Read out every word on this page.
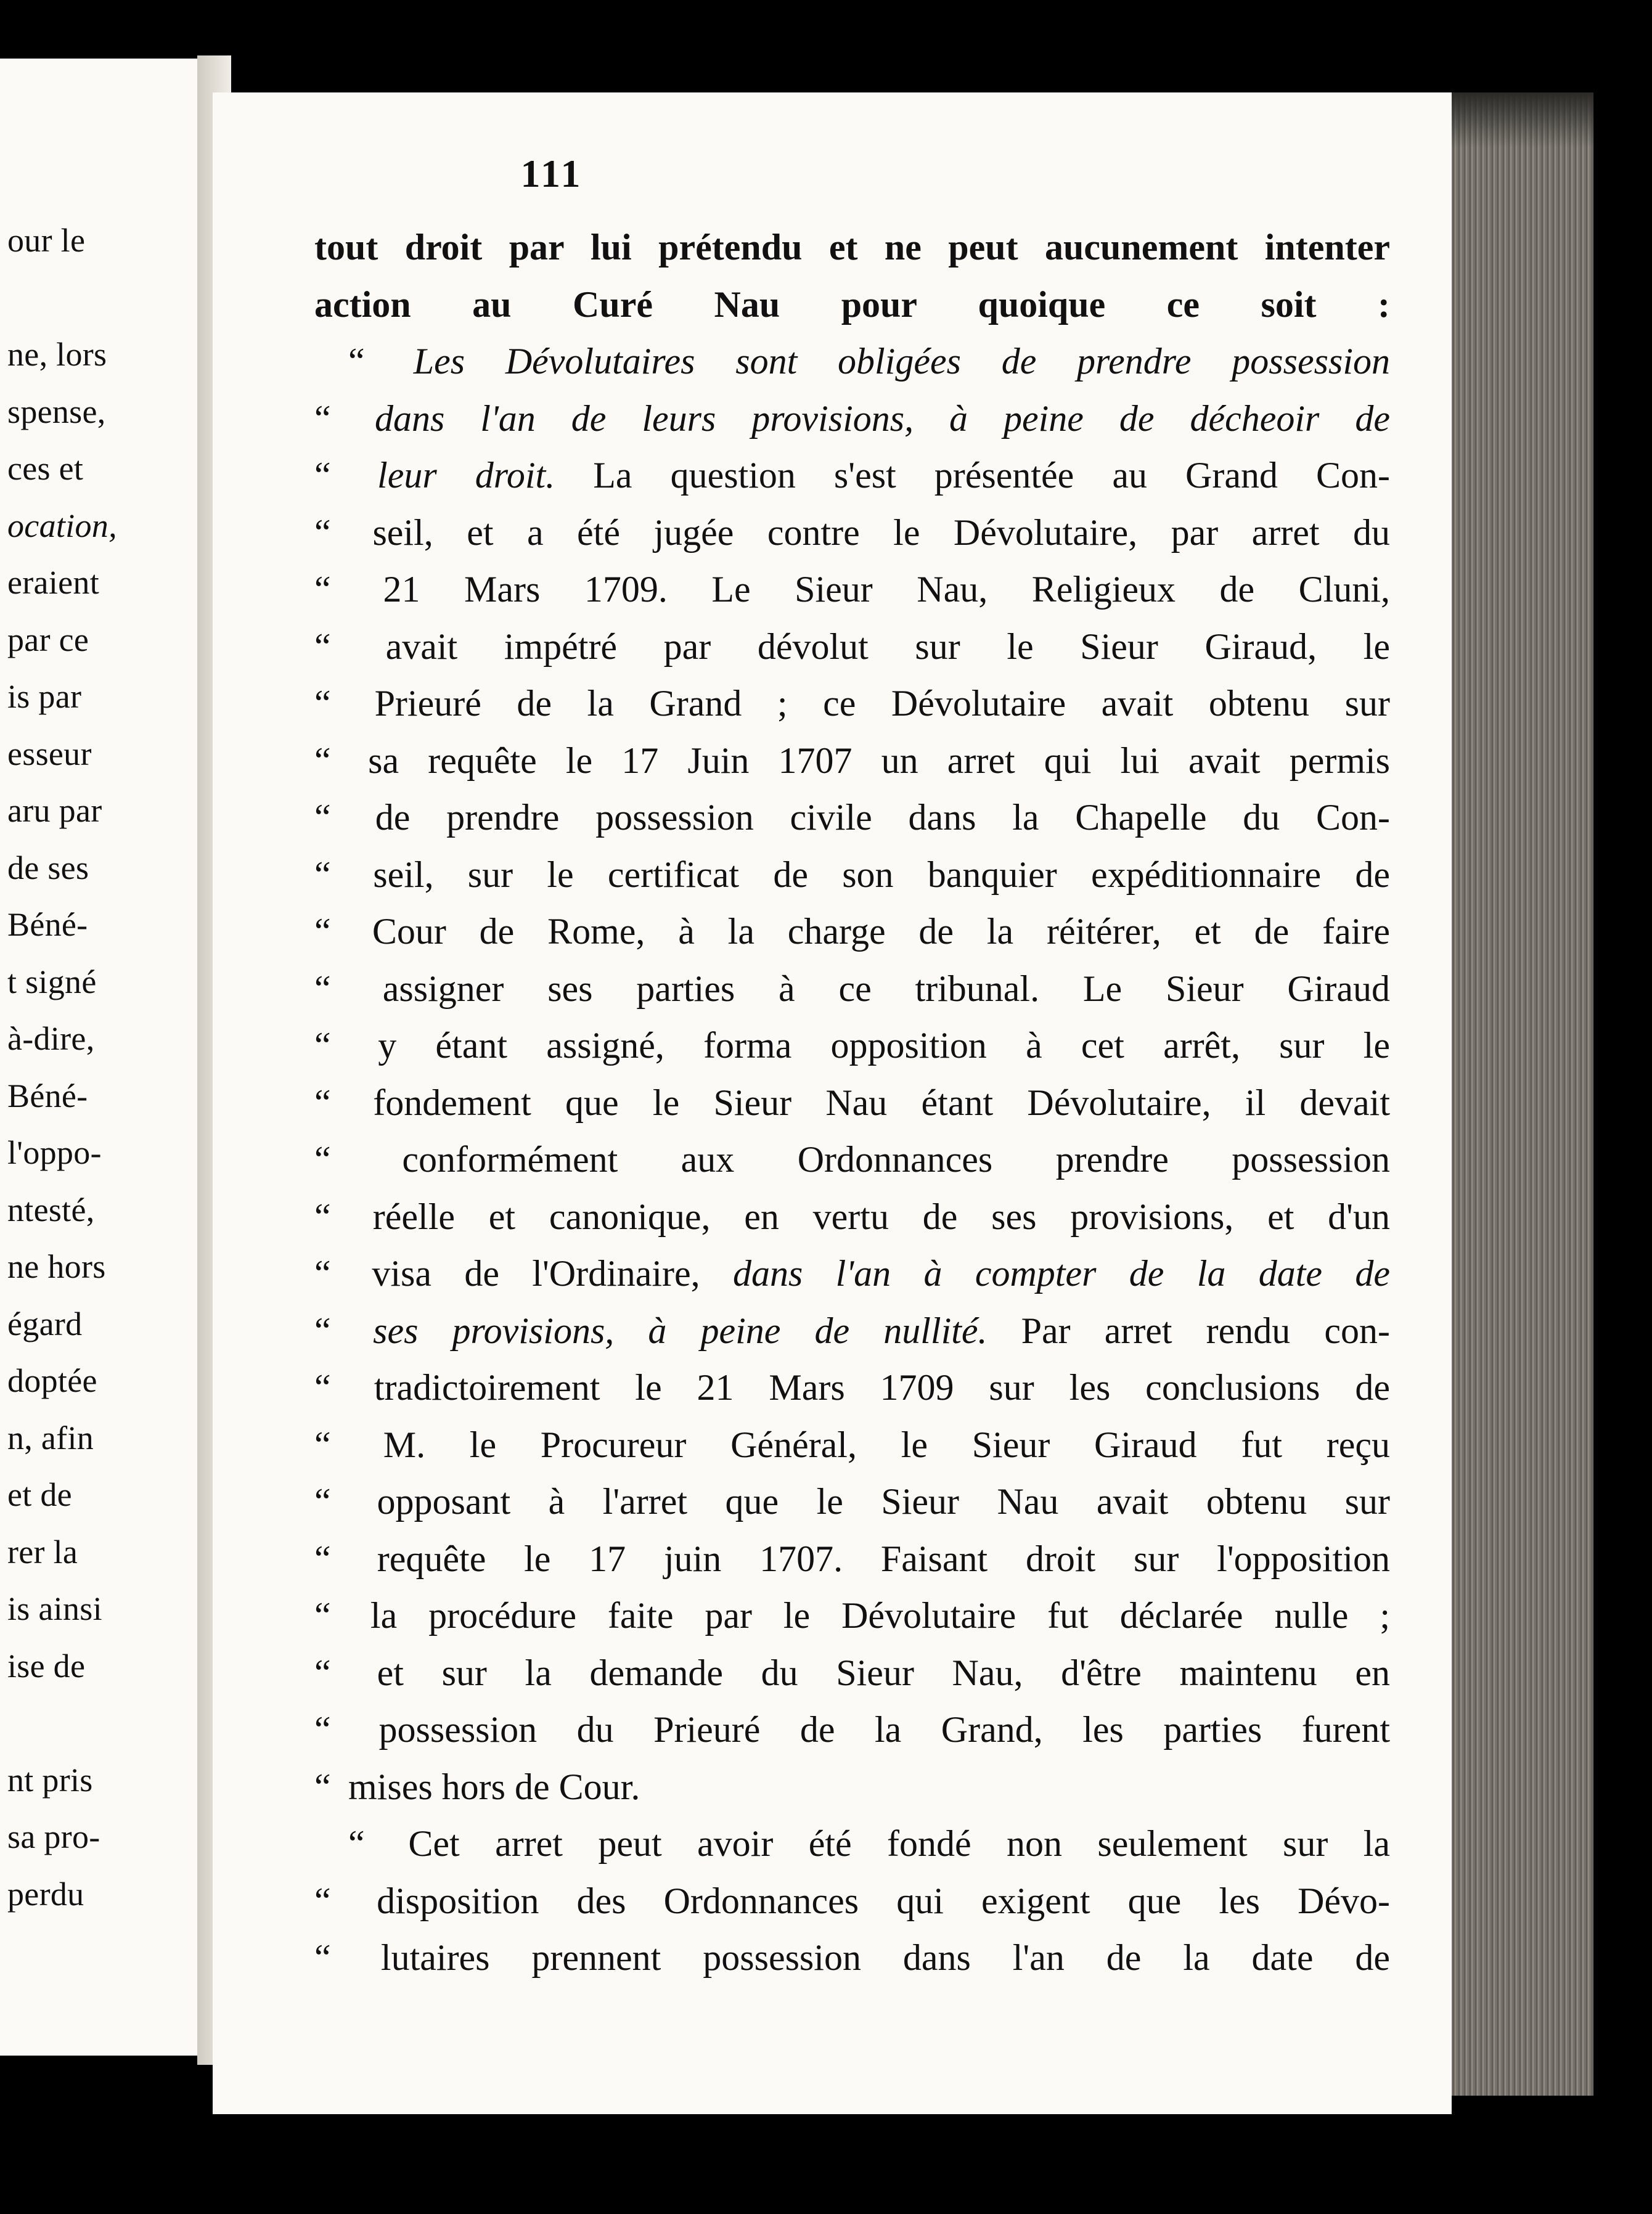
our le
ne, lors
spense,
ces et
ocation,
eraient
par ce
is par
esseur
aru par
de ses
Béné-
t signé
à-dire,
Béné-
l'oppo-
ntesté,
ne hors
égard
doptée
n, afin
et de
rer la
is ainsi
ise de
nt pris
sa pro-
perdu
111
tout droit par lui prétendu et ne peut aucunement intenter
action au Curé Nau pour quoique ce soit :
“ Les Dévolutaires sont obligées de prendre possession
“ dans l'an de leurs provisions, à peine de décheoir de
“ leur droit. La question s'est présentée au Grand Con-
“ seil, et a été jugée contre le Dévolutaire, par arret du
“ 21 Mars 1709. Le Sieur Nau, Religieux de Cluni,
“ avait impétré par dévolut sur le Sieur Giraud, le
“ Prieuré de la Grand ; ce Dévolutaire avait obtenu sur
“ sa requête le 17 Juin 1707 un arret qui lui avait permis
“ de prendre possession civile dans la Chapelle du Con-
“ seil, sur le certificat de son banquier expéditionnaire de
“ Cour de Rome, à la charge de la réitérer, et de faire
“ assigner ses parties à ce tribunal. Le Sieur Giraud
“ y étant assigné, forma opposition à cet arrêt, sur le
“ fondement que le Sieur Nau étant Dévolutaire, il devait
“ conformément aux Ordonnances prendre possession
“ réelle et canonique, en vertu de ses provisions, et d'un
“ visa de l'Ordinaire, dans l'an à compter de la date de
“ ses provisions, à peine de nullité. Par arret rendu con-
“ tradictoirement le 21 Mars 1709 sur les conclusions de
“ M. le Procureur Général, le Sieur Giraud fut reçu
“ opposant à l'arret que le Sieur Nau avait obtenu sur
“ requête le 17 juin 1707. Faisant droit sur l'opposition
“ la procédure faite par le Dévolutaire fut déclarée nulle ;
“ et sur la demande du Sieur Nau, d'être maintenu en
“ possession du Prieuré de la Grand, les parties furent
“ mises hors de Cour.
“ Cet arret peut avoir été fondé non seulement sur la
“ disposition des Ordonnances qui exigent que les Dévo-
“ lutaires prennent possession dans l'an de la date de
